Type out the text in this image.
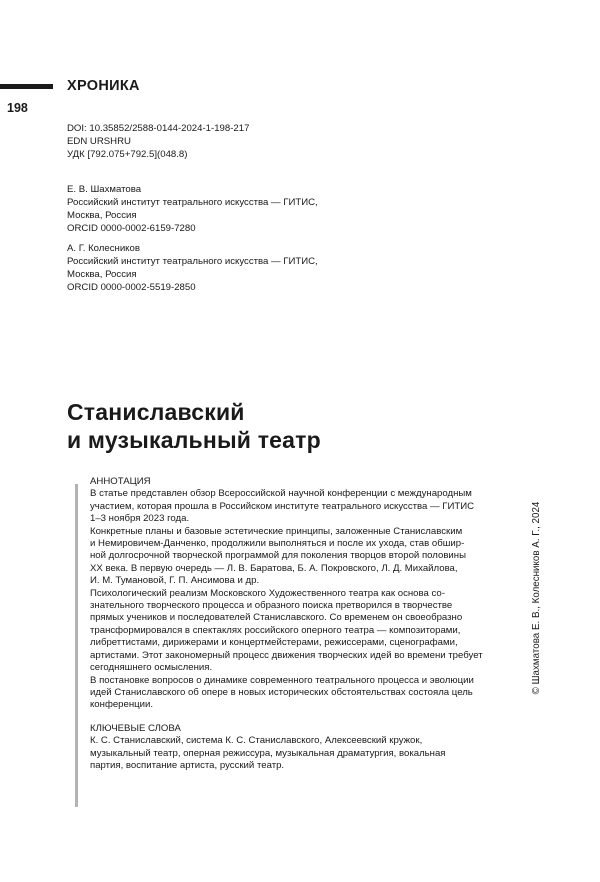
ХРОНИКА
198
DOI: 10.35852/2588-0144-2024-1-198-217
EDN URSHRU
УДК [792.075+792.5](048.8)
Е. В. Шахматова
Российский институт театрального искусства — ГИТИС,
Москва, Россия
ORCID 0000-0002-6159-7280
А. Г. Колесников
Российский институт театрального искусства — ГИТИС,
Москва, Россия
ORCID 0000-0002-5519-2850
Станиславский
и музыкальный театр
АННОТАЦИЯ
В статье представлен обзор Всероссийской научной конференции с международным
участием, которая прошла в Российском институте театрального искусства — ГИТИС
1–3 ноября 2023 года.
Конкретные планы и базовые эстетические принципы, заложенные Станиславским
и Немировичем-Данченко, продолжили выполняться и после их ухода, став обшир-
ной долгосрочной творческой программой для поколения творцов второй половины
XX века. В первую очередь — Л. В. Баратова, Б. А. Покровского, Л. Д. Михайлова,
И. М. Тумановой, Г. П. Ансимова и др.
Психологический реализм Московского Художественного театра как основа со-
знательного творческого процесса и образного поиска претворился в творчестве
прямых учеников и последователей Станиславского. Со временем он своеобразно
трансформировался в спектаклях российского оперного театра — композиторами,
либреттистами, дирижерами и концертмейстерами, режиссерами, сценографами,
артистами. Этот закономерный процесс движения творческих идей во времени требует
сегодняшнего осмысления.
В постановке вопросов о динамике современного театрального процесса и эволюции
идей Станиславского об опере в новых исторических обстоятельствах состояла цель
конференции.
КЛЮЧЕВЫЕ СЛОВА
К. С. Станиславский, система К. С. Станиславского, Алексеевский кружок,
музыкальный театр, оперная режиссура, музыкальная драматургия, вокальная
партия, воспитание артиста, русский театр.
© Шахматова Е. В., Колесников А. Г., 2024
